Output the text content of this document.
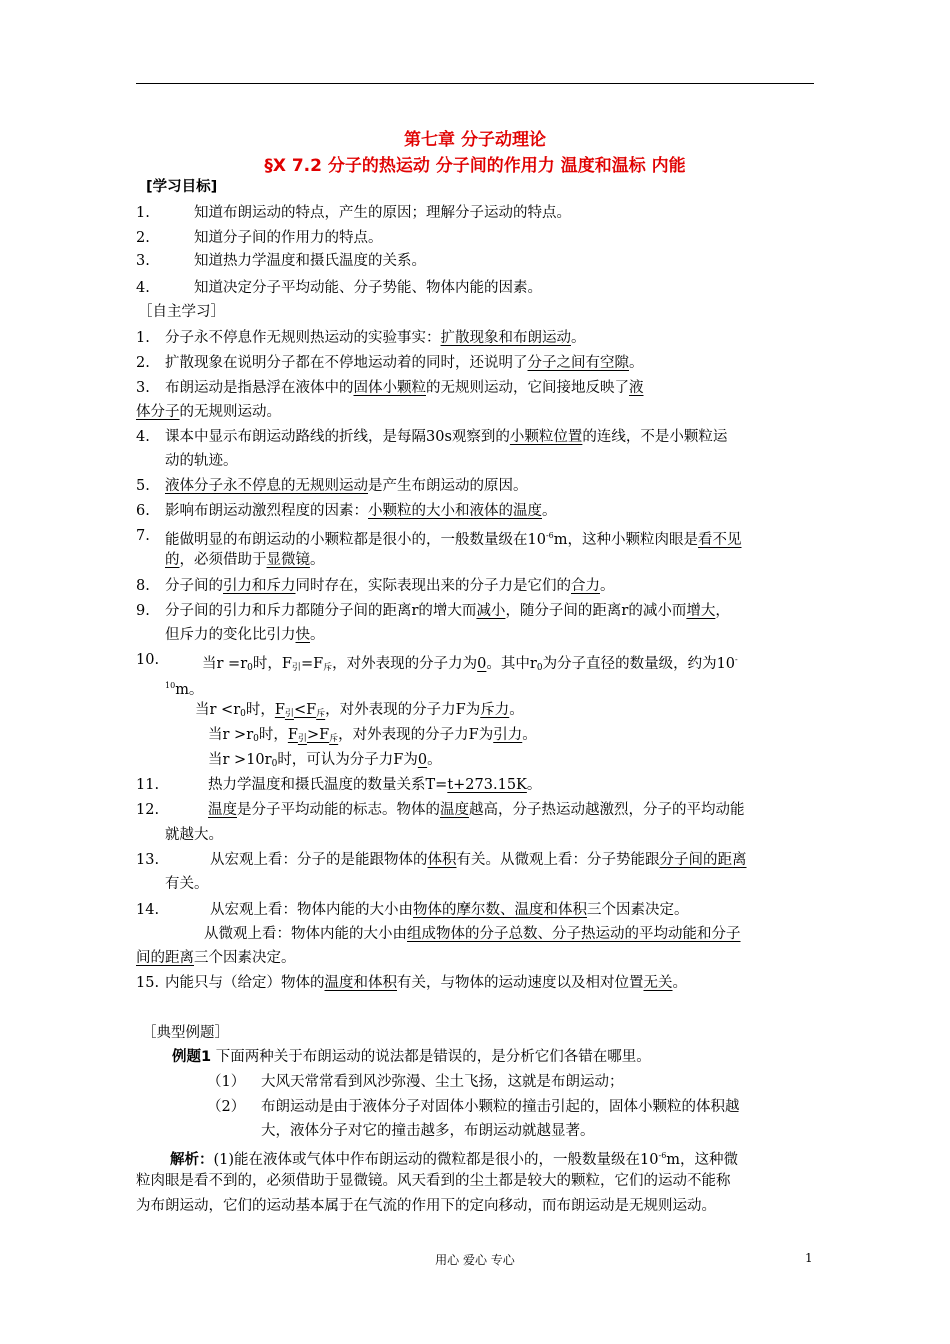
第七章 分子动理论
§X 7.2 分子的热运动 分子间的作用力 温度和温标 内能
[学习目标]
1.	知道布朗运动的特点，产生的原因；理解分子运动的特点。
2.	知道分子间的作用力的特点。
3.	知道热力学温度和摄氏温度的关系。
4.	知道决定分子平均动能、分子势能、物体内能的因素。
［自主学习］
1. 分子永不停息作无规则热运动的实验事实：扩散现象和布朗运动。
2. 扩散现象在说明分子都在不停地运动着的同时，还说明了分子之间有空隙。
3. 布朗运动是指悬浮在液体中的固体小颗粒的无规则运动，它间接地反映了液
体分子的无规则运动。
4. 课本中显示布朗运动路线的折线，是每隔30s观察到的小颗粒位置的连线，不是小颗粒运
动的轨迹。
5. 液体分子永不停息的无规则运动是产生布朗运动的原因。
6. 影响布朗运动激烈程度的因素：小颗粒的大小和液体的温度。
7. 能做明显的布朗运动的小颗粒都是很小的，一般数量级在$10^{-6}m$，这种小颗粒肉眼是看不见
的，必须借助于显微镜。
8. 分子间的引力和斥力同时存在，实际表现出来的分子力是它们的合力。
9. 分子间的引力和斥力都随分子间的距离r的增大而减小，随分子间的距离r的减小而增大，
但斥力的变化比引力快。
10.	当$r =r_0$时，$F_引=F_斥$，对外表现的分子力为0。其中$r_0$为分子直径的数量级，约为10-
$^{10}$m。
当$r <r_0$时，$F_引<F_斥$，对外表现的分子力F为斥力。
当$r >r_0$时，$F_引>F_斥$，对外表现的分子力F为引力。
当$r >10r_0$时，可认为分子力F为0。
11.	热力学温度和摄氏温度的数量关系T=t+273.15K。
12.	温度是分子平均动能的标志。物体的温度越高，分子热运动越激烈，分子的平均动能
就越大。
13.	从宏观上看：分子的是能跟物体的体积有关。从微观上看：分子势能跟分子间的距离
有关。
14.	从宏观上看：物体内能的大小由物体的摩尔数、温度和体积三个因素决定。
从微观上看：物体内能的大小由组成物体的分子总数、分子热运动的平均动能和分子
间的距离三个因素决定。
15. 内能只与（给定）物体的温度和体积有关，与物体的运动速度以及相对位置无关。
［典型例题］
例题1 下面两种关于布朗运动的说法都是错误的，是分析它们各错在哪里。
（1） 大风天常常看到风沙弥漫、尘土飞扬，这就是布朗运动；
（2） 布朗运动是由于液体分子对固体小颗粒的撞击引起的，固体小颗粒的体积越
大，液体分子对它的撞击越多，布朗运动就越显著。
解析：(1)能在液体或气体中作布朗运动的微粒都是很小的，一般数量级在$10^{-6}m$，这种微
粒肉眼是看不到的，必须借助于显微镜。风天看到的尘土都是较大的颗粒，它们的运动不能称
为布朗运动，它们的运动基本属于在气流的作用下的定向移动，而布朗运动是无规则运动。
用心 爱心 专心	1
